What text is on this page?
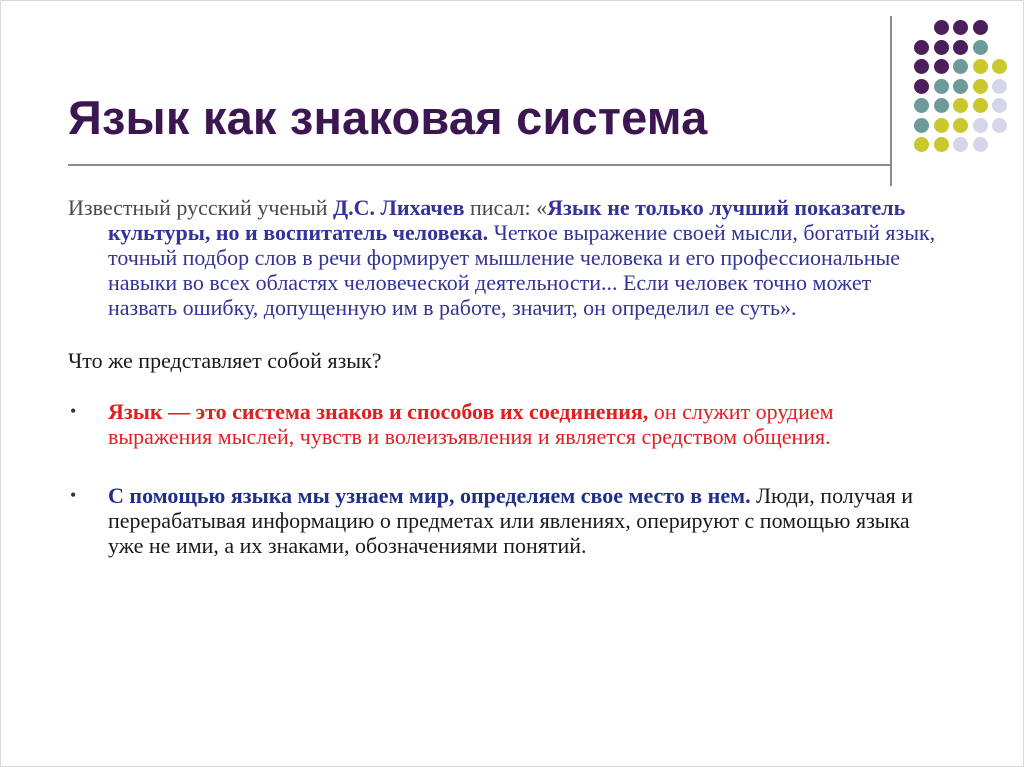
Язык как знаковая система

Известный русский ученый Д.С. Лихачев писал: «Язык не только лучший показатель культуры, но и воспитатель человека. Четкое выражение своей мысли, богатый язык, точный подбор слов в речи формирует мышление человека и его профессиональные навыки во всех областях человеческой деятельности... Если человек точно может назвать ошибку, допущенную им в работе, значит, он определил ее суть».

Что же представляет собой язык?

• Язык — это система знаков и способов их соединения, он служит орудием выражения мыслей, чувств и волеизъявления и является средством общения.
• С помощью языка мы узнаем мир, определяем свое место в нем. Люди, получая и перерабатывая информацию о предметах или явлениях, оперируют с помощью языка уже не ими, а их знаками, обозначениями понятий.
